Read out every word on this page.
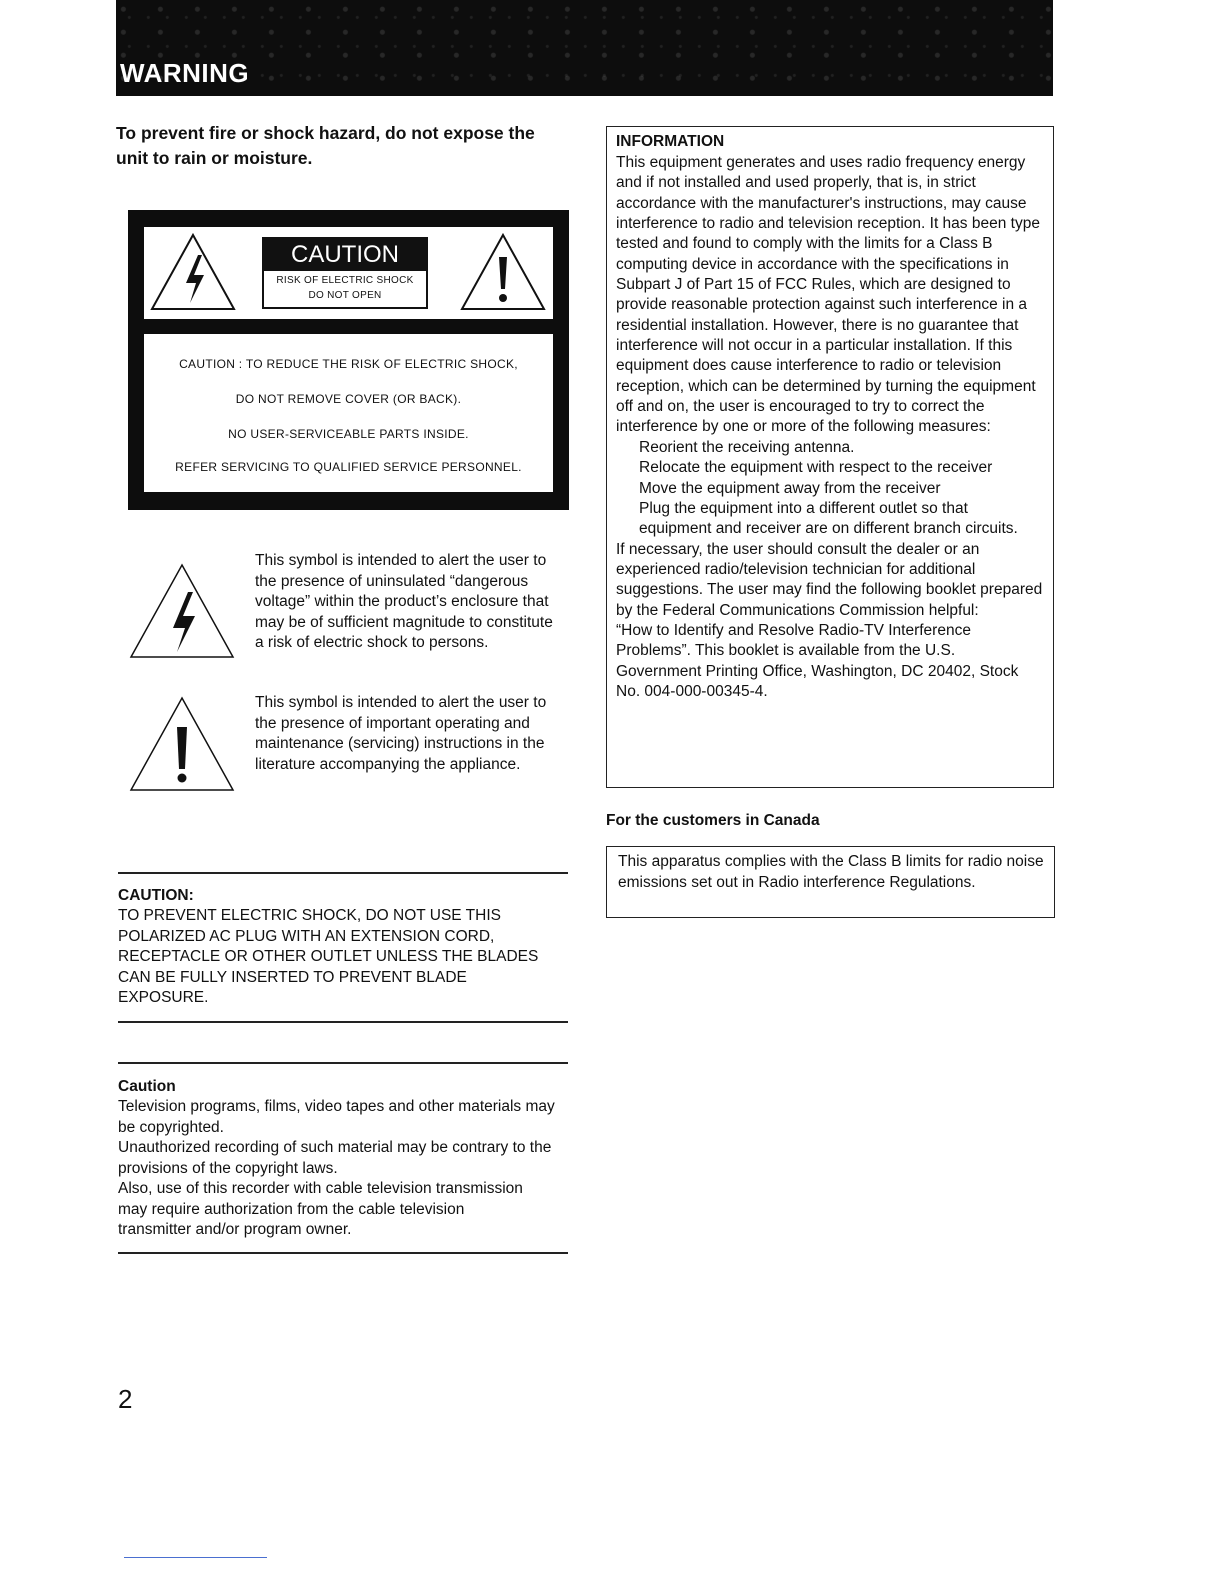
WARNING
To prevent fire or shock hazard, do not expose the unit to rain or moisture.
CAUTION
RISK OF ELECTRIC SHOCK
DO NOT OPEN
CAUTION : TO REDUCE THE RISK OF ELECTRIC SHOCK,
DO NOT REMOVE COVER (OR BACK).
NO USER-SERVICEABLE PARTS INSIDE.
REFER SERVICING TO QUALIFIED SERVICE PERSONNEL.
This symbol is intended to alert the user to the presence of uninsulated “dangerous voltage” within the product’s enclosure that may be of sufficient magnitude to constitute a risk of electric shock to persons.
This symbol is intended to alert the user to the presence of important operating and maintenance (servicing) instructions in the literature accompanying the appliance.
CAUTION:
TO PREVENT ELECTRIC SHOCK, DO NOT USE THIS POLARIZED AC PLUG WITH AN EXTENSION CORD, RECEPTACLE OR OTHER OUTLET UNLESS THE BLADES CAN BE FULLY INSERTED TO PREVENT BLADE EXPOSURE.
Caution
Television programs, films, video tapes and other materials may be copyrighted.
Unauthorized recording of such material may be contrary to the provisions of the copyright laws.
Also, use of this recorder with cable television transmission may require authorization from the cable television transmitter and/or program owner.
INFORMATION
This equipment generates and uses radio frequency energy and if not installed and used properly, that is, in strict accordance with the manufacturer's instructions, may cause interference to radio and television reception. It has been type tested and found to comply with the limits for a Class B computing device in accordance with the specifications in Subpart J of Part 15 of FCC Rules, which are designed to provide reasonable protection against such interference in a residential installation. However, there is no guarantee that interference will not occur in a particular installation. If this equipment does cause interference to radio or television reception, which can be determined by turning the equipment off and on, the user is encouraged to try to correct the interference by one or more of the following measures:
Reorient the receiving antenna.
Relocate the equipment with respect to the receiver
Move the equipment away from the receiver
Plug the equipment into a different outlet so that equipment and receiver are on different branch circuits.
If necessary, the user should consult the dealer or an experienced radio/television technician for additional suggestions. The user may find the following booklet prepared by the Federal Communications Commission helpful:
“How to Identify and Resolve Radio-TV Interference Problems”. This booklet is available from the U.S. Government Printing Office, Washington, DC 20402, Stock No. 004-000-00345-4.
For the customers in Canada
This apparatus complies with the Class B limits for radio noise emissions set out in Radio interference Regulations.
2
